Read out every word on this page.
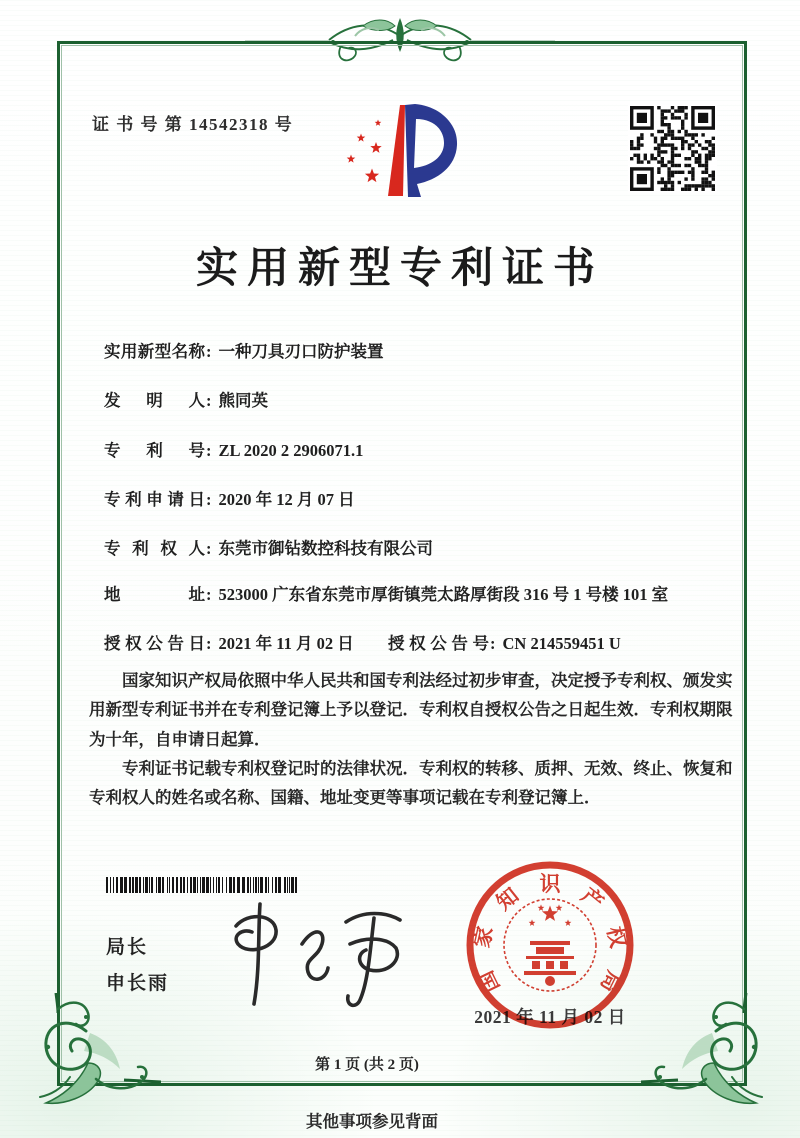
证 书 号 第 14542318 号
实用新型专利证书
实用新型名称 : 一种刀具刃口防护装置
发明人 : 熊同英
专利号 : ZL 2020 2 2906071.1
专利申请日 : 2020 年 12 月 07 日
专利权人 : 东莞市御钻数控科技有限公司
地址 : 523000 广东省东莞市厚街镇莞太路厚街段 316 号 1 号楼 101 室
授权公告日 : 2021 年 11 月 02 日 授权公告号 : CN 214559451 U

国家知识产权局依照中华人民共和国专利法经过初步审查，决定授予专利权、颁发实用新型专利证书并在专利登记簿上予以登记．专利权自授权公告之日起生效．专利权期限为十年，自申请日起算．

专利证书记载专利权登记时的法律状况．专利权的转移、质押、无效、终止、恢复和专利权人的姓名或名称、国籍、地址变更等事项记载在专利登记簿上．

局长
申长雨
2021 年 11 月 02 日
国
家
知 识 产
权
局
第 1 页 (共 2 页)
其他事项参见背面
